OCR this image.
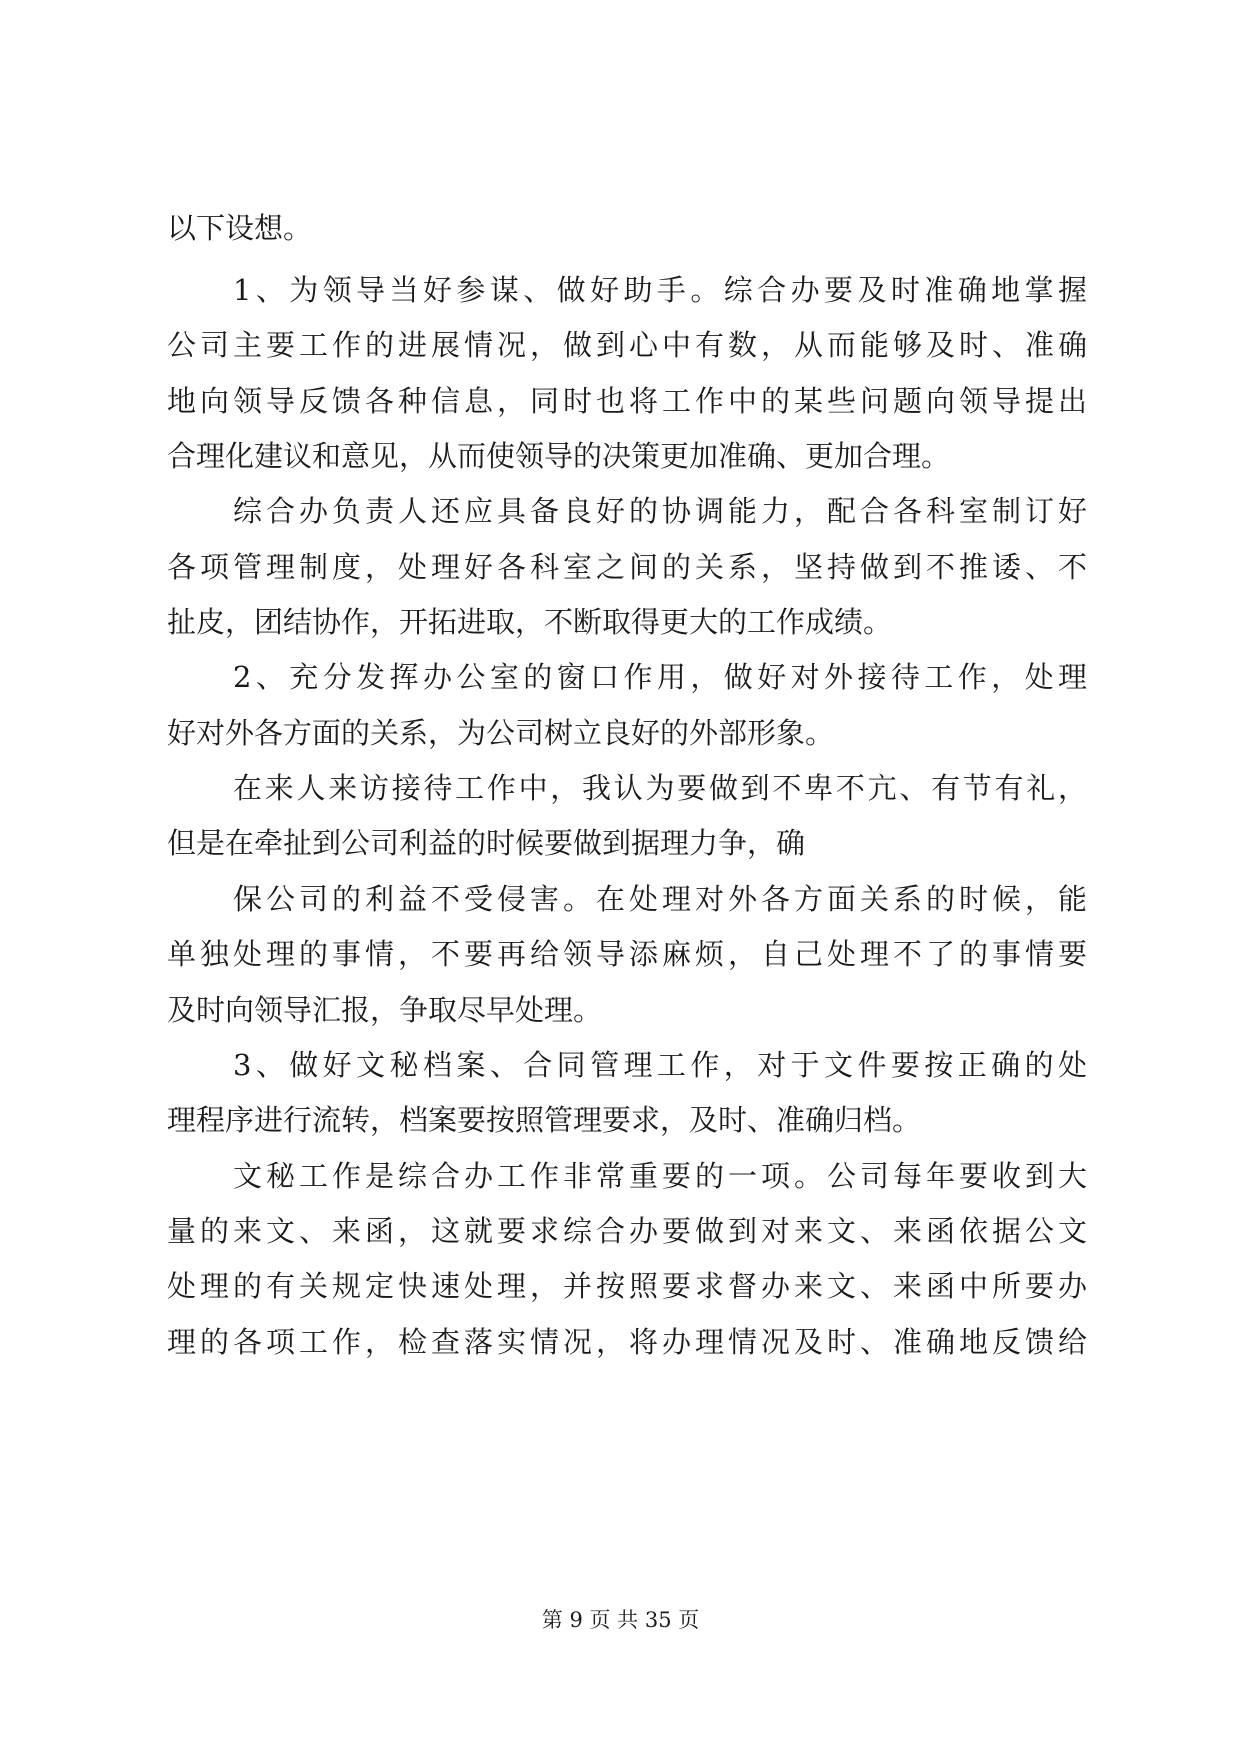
以下设想。
1、为领导当好参谋、做好助手。综合办要及时准确地掌握
公司主要工作的进展情况，做到心中有数，从而能够及时、准确
地向领导反馈各种信息，同时也将工作中的某些问题向领导提出
合理化建议和意见，从而使领导的决策更加准确、更加合理。
综合办负责人还应具备良好的协调能力，配合各科室制订好
各项管理制度，处理好各科室之间的关系，坚持做到不推诿、不
扯皮，团结协作，开拓进取，不断取得更大的工作成绩。
2、充分发挥办公室的窗口作用，做好对外接待工作，处理
好对外各方面的关系，为公司树立良好的外部形象。
在来人来访接待工作中，我认为要做到不卑不亢、有节有礼，
但是在牵扯到公司利益的时候要做到据理力争，确
保公司的利益不受侵害。在处理对外各方面关系的时候，能
单独处理的事情，不要再给领导添麻烦，自己处理不了的事情要
及时向领导汇报，争取尽早处理。
3、做好文秘档案、合同管理工作，对于文件要按正确的处
理程序进行流转，档案要按照管理要求，及时、准确归档。
文秘工作是综合办工作非常重要的一项。公司每年要收到大
量的来文、来函，这就要求综合办要做到对来文、来函依据公文
处理的有关规定快速处理，并按照要求督办来文、来函中所要办
理的各项工作，检查落实情况，将办理情况及时、准确地反馈给
第 9 页 共 35 页
